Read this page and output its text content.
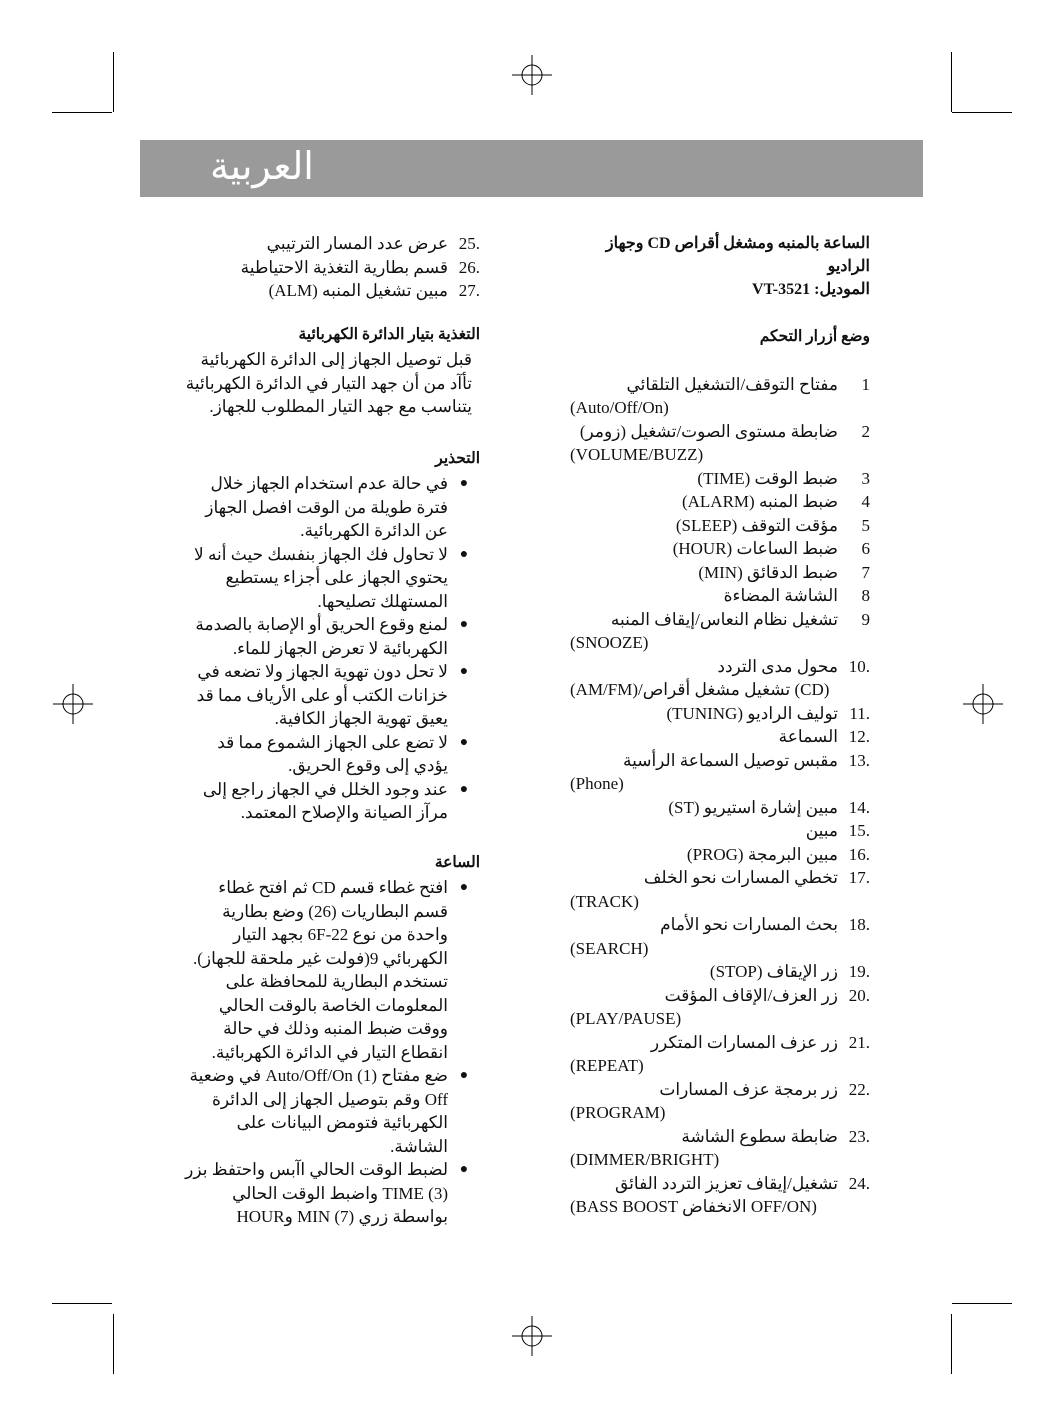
العربية
الساعة بالمنبه ومشغل أقراص CD وجهاز
الراديو
الموديل: VT-3521
وضع أزرار التحكم
1
مفتاح التوقف/التشغيل التلقائي
(Auto/Off/On)
2
ضابطة مستوى الصوت/تشغيل (زومر)
(VOLUME/BUZZ)
3
ضبط الوقت (TIME)
4
ضبط المنبه (ALARM)
5
مؤقت التوقف (SLEEP)
6
ضبط الساعات (HOUR)
7
ضبط الدقائق (MIN)
8
الشاشة المضاءة
9
تشغيل نظام النعاس/إيقاف المنبه
(SNOOZE)
.10
محول مدى التردد
(AM/FM)/تشغيل مشغل أقراص (CD)
.11
توليف الراديو (TUNING)
.12
السماعة
.13
مقبس توصيل السماعة الرأسية
(Phone)
.14
مبين إشارة استيريو (ST)
.15
مبين
.16
مبين البرمجة (PROG)
.17
تخطي المسارات نحو الخلف
(TRACK)
.18
بحث المسارات نحو الأمام
(SEARCH)
.19
زر الإيقاف (STOP)
.20
زر العزف/الإقاف المؤقت
(PLAY/PAUSE)
.21
زر عزف المسارات المتكرر
(REPEAT)
.22
زر برمجة عزف المسارات
(PROGRAM)
.23
ضابطة سطوع الشاشة
(DIMMER/BRIGHT)
.24
تشغيل/إيقاف تعزيز التردد الفائق
(BASS BOOST الانخفاض OFF/ON)
.25
عرض عدد المسار الترتيبي
.26
قسم بطارية التغذية الاحتياطية
.27
مبين تشغيل المنبه (ALM)
التغذية بتيار الدائرة الكهربائية

قبل توصيل الجهاز إلى الدائرة الكهربائية تأآد من أن جهد التيار في الدائرة الكهربائية يتناسب مع جهد التيار المطلوب للجهاز.

التحذير
●
في حالة عدم استخدام الجهاز خلال فترة طويلة من الوقت افصل الجهاز عن الدائرة الكهربائية.
●
لا تحاول فك الجهاز بنفسك حيث أنه لا يحتوي الجهاز على أجزاء يستطيع المستهلك تصليحها.
●
لمنع وقوع الحريق أو الإصابة بالصدمة الكهربائية لا تعرض الجهاز للماء.
●
لا تحل دون تهوية الجهاز ولا تضعه في خزانات الكتب أو على الأرياف مما قد يعيق تهوية الجهاز الكافية.
●
لا تضع على الجهاز الشموع مما قد يؤدي إلى وقوع الحريق.
●
عند وجود الخلل في الجهاز راجع إلى مرآز الصيانة والإصلاح المعتمد.
الساعة
●
افتح غطاء قسم CD ثم افتح غطاء قسم البطاريات (26) وضع بطارية واحدة من نوع 6F-22 بجهد التيار الكهربائي 9(فولت غير ملحقة للجهاز). تستخدم البطارية للمحافظة على المعلومات الخاصة بالوقت الحالي ووقت ضبط المنبه وذلك في حالة انقطاع التيار في الدائرة الكهربائية.
●
ضع مفتاح Auto/Off/On (1) في وضعية Off وقم بتوصيل الجهاز إلى الدائرة الكهربائية فتومض البيانات على الشاشة.
●
لضبط الوقت الحالي اآبس واحتفظ بزر TIME (3) واضبط الوقت الحالي بواسطة زري MIN (7) وHOUR
